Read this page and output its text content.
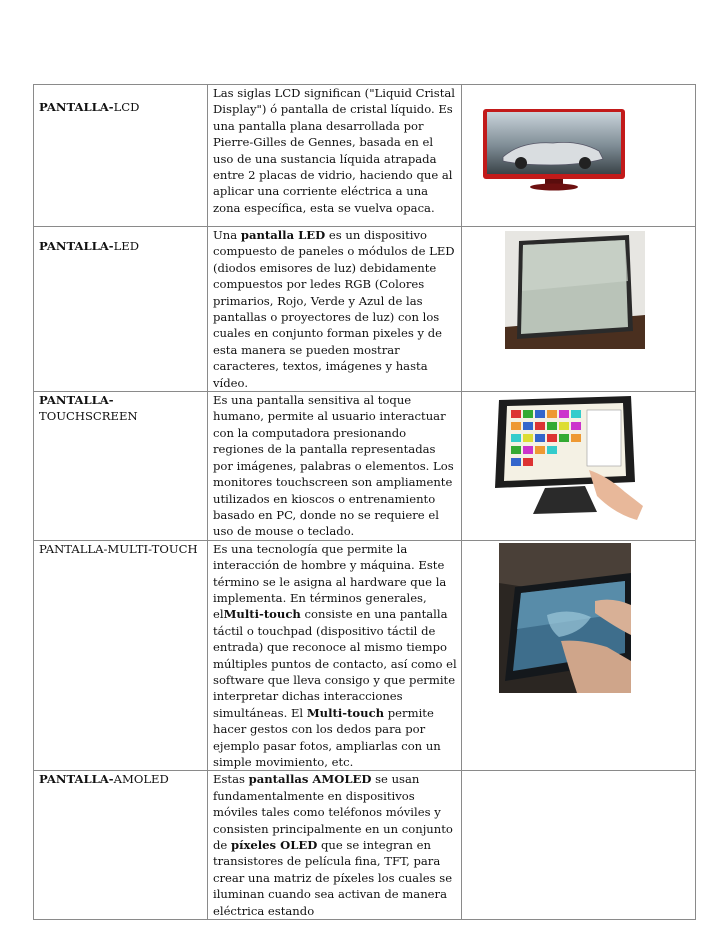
PANTALLA-LCD	Las siglas LCD significan ("Liquid Cristal Display") ó pantalla de cristal líquido. Es una pantalla plana desarrollada por Pierre-Gilles de Gennes, basada en el uso de una sustancia líquida atrapada entre 2 placas de vidrio, haciendo que al aplicar una corriente eléctrica a una zona específica, esta se vuelva opaca.

PANTALLA-LED	Una pantalla LED es un dispositivo compuesto de paneles o módulos de LED (diodos emisores de luz) debidamente compuestos por ledes RGB (Colores primarios, Rojo, Verde y Azul de las pantallas o proyectores de luz) con los cuales en conjunto forman pixeles y de esta manera se pueden mostrar caracteres, textos, imágenes y hasta vídeo.

PANTALLA-TOUCHSCREEN	Es una pantalla sensitiva al toque humano, permite al usuario interactuar con la computadora presionando regiones de la pantalla representadas por imágenes, palabras o elementos. Los monitores touchscreen son ampliamente utilizados en kioscos o entrenamiento basado en PC, donde no se requiere el uso de mouse o teclado.

PANTALLA-MULTI-TOUCH	Es una tecnología que permite la interacción de hombre y máquina. Este término se le asigna al hardware que la implementa. En términos generales, elMulti-touch consiste en una pantalla táctil o touchpad (dispositivo táctil de entrada) que reconoce al mismo tiempo múltiples puntos de contacto, así como el software que lleva consigo y que permite interpretar dichas interacciones simultáneas. El Multi-touch permite hacer gestos con los dedos para por ejemplo pasar fotos, ampliarlas con un simple movimiento, etc.

PANTALLA-AMOLED	Estas pantallas AMOLED se usan fundamentalmente en dispositivos móviles tales como teléfonos móviles y consisten principalmente en un conjunto de píxeles OLED que se integran en transistores de película fina, TFT, para crear una matriz de píxeles los cuales se iluminan cuando sea activan de manera eléctrica estando	
